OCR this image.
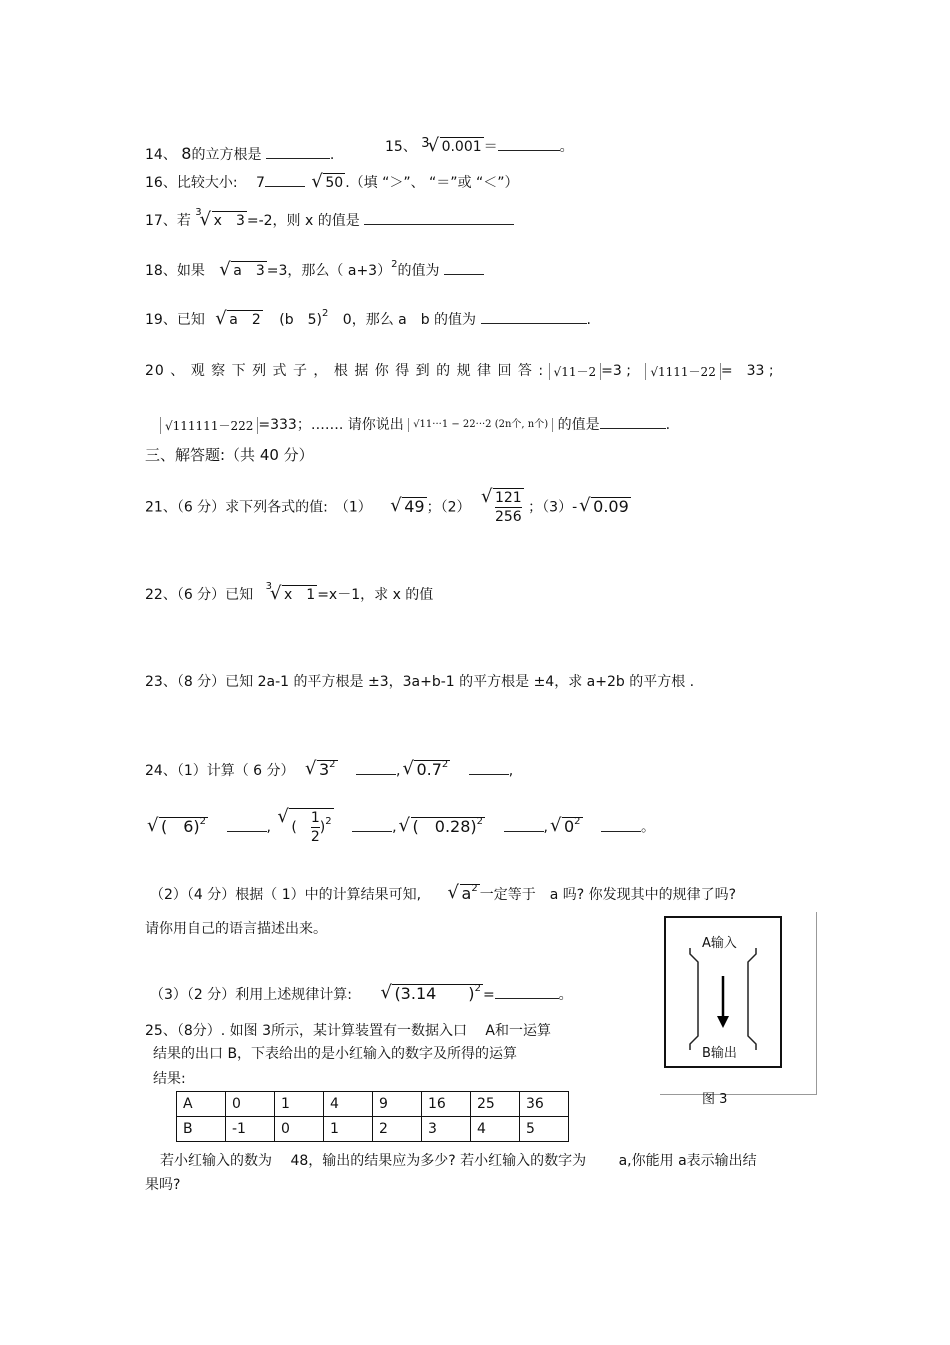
14、 8的立方根是	.	15、 3 √ 0.001 ＝	。
16、比较大小: 7	√ 50 .（填 “＞”、 “＝”或 “＜”）
17、若 $^3$√ x　3 =-2，则 x 的值是
18、如果 √ a　3 =3，那么（ a+3）$^2$的值为
19、已知 √ a　2 (b　5)$^2$ 0，那么 a　b 的值为	.
20 、 观 察 下 列 式 子 ， 根 据 你 得 到 的 规 律 回 答 : √11－2 =3 ; √1111－22 =　33 ;
√111111－222 =333；……. 请你说出 √11···1 − 22···2 (2n个, n个) 的值是	.
三、解答题:（共 40 分）
21、（6 分）求下列各式的值:　（1） √ 49 ；（2） √ $\frac{121}{256}$ ；（3）- √ 0.09
22、（6 分）已知 $^3$√ x　1 =x－1，求 x 的值
23、（8 分）已知 2a-1 的平方根是 ±3，3a+b-1 的平方根是 ±4，求 a+2b 的平方根 .
24、（1）计算（ 6 分） √ $3^2$	, √ $0.7^2$	,
√ (　6)$^2$	, √ (　 $\frac{1}{2} )^2$	, √ (　0.28)$^2$	, √ $0^2$	。
（2）（4 分）根据（ 1）中的计算结果可知,	√ $a^2$ 一定等于　a 吗? 你发现其中的规律了吗?
请你用自己的语言描述出来。
（3）（2 分）利用上述规律计算:	√ (3.14　　)$^2$ =	。
25、（8分）. 如图 3所示，某计算装置有一数据入口　 A和一运算
结果的出口 B，下表给出的是小红输入的数字及所得的运算
结果:
A	0	1	4	9	16	25	36
B	-1	0	1	2	3	4	5
若小红输入的数为　 48，输出的结果应为多少? 若小红输入的数字为　　 a,你能用 a表示输出结
果吗?
A输入
B输出
图 3
